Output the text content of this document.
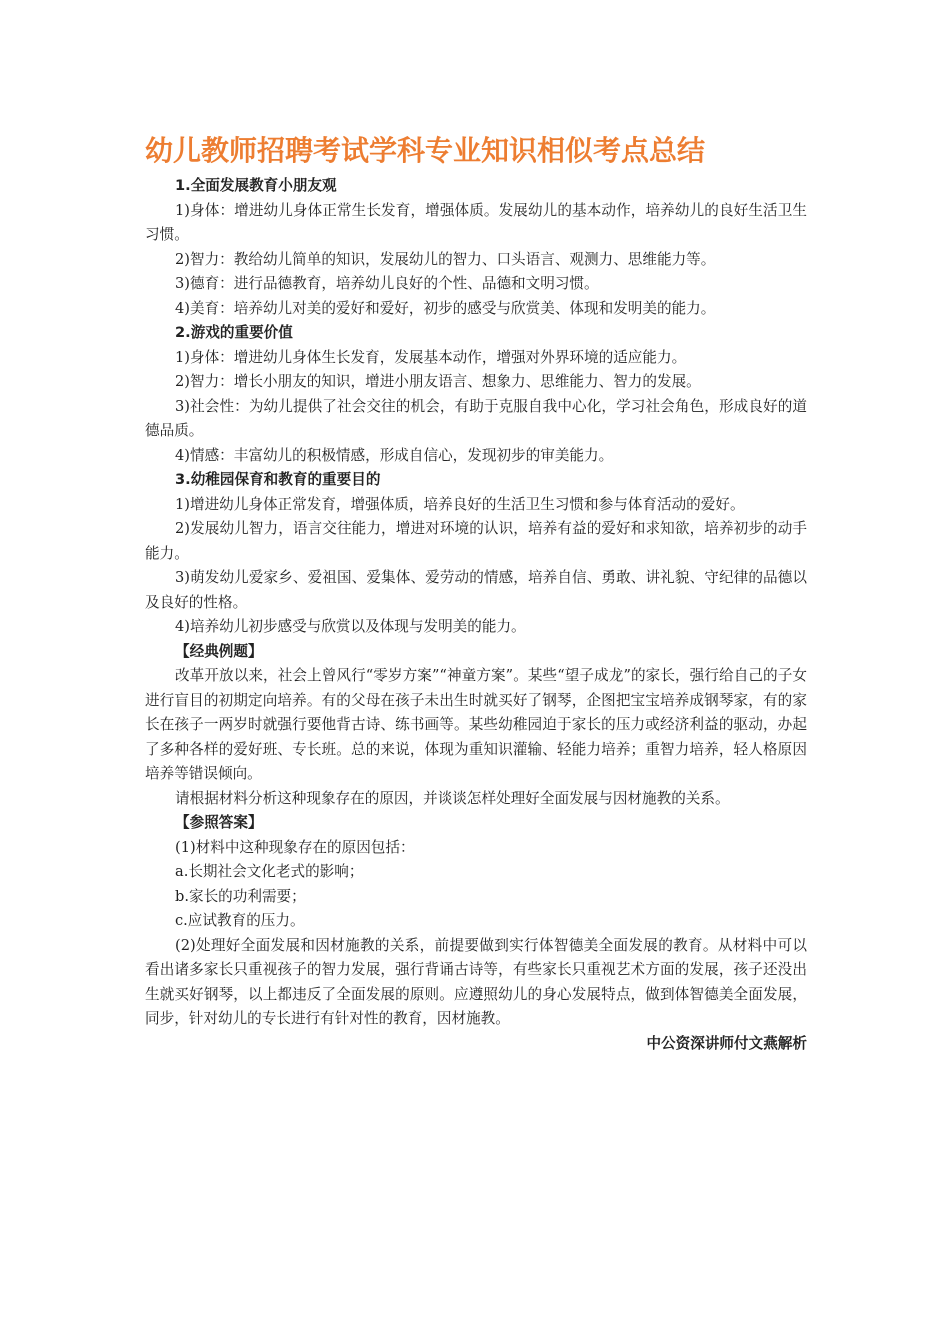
幼儿教师招聘考试学科专业知识相似考点总结
1.全面发展教育小朋友观
1)身体：增进幼儿身体正常生长发育，增强体质。发展幼儿的基本动作，培养幼儿的良好生活卫生习惯。
2)智力：教给幼儿简单的知识，发展幼儿的智力、口头语言、观测力、思维能力等。
3)德育：进行品德教育，培养幼儿良好的个性、品德和文明习惯。
4)美育：培养幼儿对美的爱好和爱好，初步的感受与欣赏美、体现和发明美的能力。
2.游戏的重要价值
1)身体：增进幼儿身体生长发育，发展基本动作，增强对外界环境的适应能力。
2)智力：增长小朋友的知识，增进小朋友语言、想象力、思维能力、智力的发展。
3)社会性：为幼儿提供了社会交往的机会，有助于克服自我中心化，学习社会角色，形成良好的道德品质。
4)情感：丰富幼儿的积极情感，形成自信心，发现初步的审美能力。
3.幼稚园保育和教育的重要目的
1)增进幼儿身体正常发育，增强体质，培养良好的生活卫生习惯和参与体育活动的爱好。
2)发展幼儿智力，语言交往能力，增进对环境的认识，培养有益的爱好和求知欲，培养初步的动手能力。
3)萌发幼儿爱家乡、爱祖国、爱集体、爱劳动的情感，培养自信、勇敢、讲礼貌、守纪律的品德以及良好的性格。
4)培养幼儿初步感受与欣赏以及体现与发明美的能力。
【经典例题】
改革开放以来，社会上曾风行“零岁方案”“神童方案”。某些“望子成龙”的家长，强行给自己的子女进行盲目的初期定向培养。有的父母在孩子未出生时就买好了钢琴，企图把宝宝培养成钢琴家，有的家长在孩子一两岁时就强行要他背古诗、练书画等。某些幼稚园迫于家长的压力或经济利益的驱动，办起了多种各样的爱好班、专长班。总的来说，体现为重知识灌输、轻能力培养；重智力培养，轻人格原因培养等错误倾向。
请根据材料分析这种现象存在的原因，并谈谈怎样处理好全面发展与因材施教的关系。
【参照答案】
(1)材料中这种现象存在的原因包括：
a.长期社会文化老式的影响；
b.家长的功利需要；
c.应试教育的压力。
(2)处理好全面发展和因材施教的关系，前提要做到实行体智德美全面发展的教育。从材料中可以看出诸多家长只重视孩子的智力发展，强行背诵古诗等，有些家长只重视艺术方面的发展，孩子还没出生就买好钢琴，以上都违反了全面发展的原则。应遵照幼儿的身心发展特点，做到体智德美全面发展，同步，针对幼儿的专长进行有针对性的教育，因材施教。
中公资深讲师付文燕解析
